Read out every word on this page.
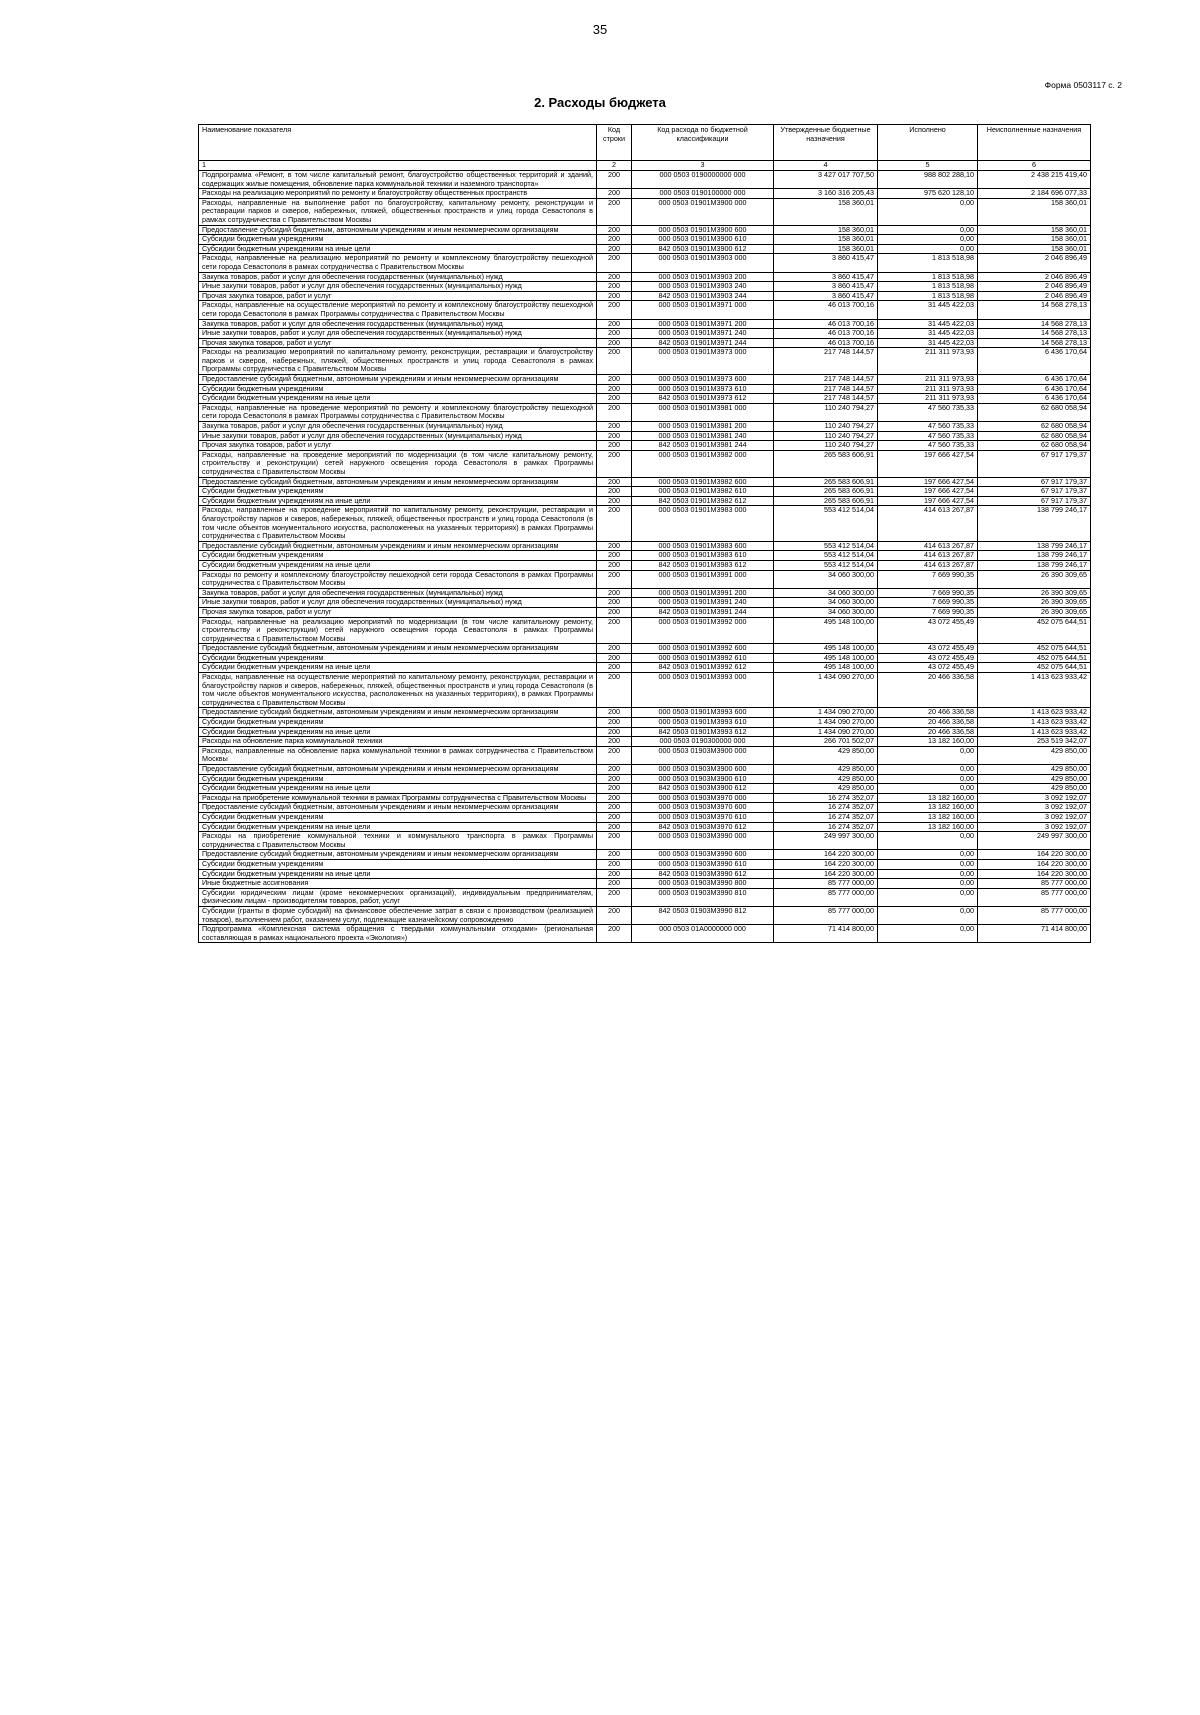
35
Форма 0503117 с. 2
2. Расходы бюджета
Наименование показателя	Код строки	Код расхода по бюджетной классификации	Утвержденные бюджетные назначения	Исполнено	Неисполненные назначения
1	2	3	4	5	6
Подпрограмма «Ремонт, в том числе капитальный ремонт, благоустройство общественных территорий и зданий, содержащих жилые помещения, обновление парка коммунальной техники и наземного транспорта»	200	000 0503 0190000000 000	3 427 017 707,50	988 802 288,10	2 438 215 419,40
Расходы на реализацию мероприятий по ремонту и благоустройству общественных пространств	200	000 0503 0190100000 000	3 160 316 205,43	975 620 128,10	2 184 696 077,33
Расходы, направленные на выполнение работ по благоустройству, капитальному ремонту, реконструкции и реставрации парков и скверов, набережных, пляжей, общественных пространств и улиц города Севастополя в рамках сотрудничества с Правительством Москвы	200	000 0503 01901М3900 000	158 360,01	0,00	158 360,01
Предоставление субсидий бюджетным, автономным учреждениям и иным некоммерческим организациям	200	000 0503 01901М3900 600	158 360,01	0,00	158 360,01
Субсидии бюджетным учреждениям	200	000 0503 01901М3900 610	158 360,01	0,00	158 360,01
Субсидии бюджетным учреждениям на иные цели	200	842 0503 01901М3900 612	158 360,01	0,00	158 360,01
Расходы, направленные на реализацию мероприятий по ремонту и комплексному благоустройству пешеходной сети города Севастополя в рамках сотрудничества с Правительством Москвы	200	000 0503 01901М3903 000	3 860 415,47	1 813 518,98	2 046 896,49
Закупка товаров, работ и услуг для обеспечения государственных (муниципальных) нужд	200	000 0503 01901М3903 200	3 860 415,47	1 813 518,98	2 046 896,49
Иные закупки товаров, работ и услуг для обеспечения государственных (муниципальных) нужд	200	000 0503 01901М3903 240	3 860 415,47	1 813 518,98	2 046 896,49
Прочая закупка товаров, работ и услуг	200	842 0503 01901М3903 244	3 860 415,47	1 813 518,98	2 046 896,49
Расходы, направленные на осуществление мероприятий по ремонту и комплексному благоустройству пешеходной сети города Севастополя в рамках Программы сотрудничества с Правительством Москвы	200	000 0503 01901М3971 000	46 013 700,16	31 445 422,03	14 568 278,13
Закупка товаров, работ и услуг для обеспечения государственных (муниципальных) нужд	200	000 0503 01901М3971 200	46 013 700,16	31 445 422,03	14 568 278,13
Иные закупки товаров, работ и услуг для обеспечения государственных (муниципальных) нужд	200	000 0503 01901М3971 240	46 013 700,16	31 445 422,03	14 568 278,13
Прочая закупка товаров, работ и услуг	200	842 0503 01901М3971 244	46 013 700,16	31 445 422,03	14 568 278,13
Расходы на реализацию мероприятий по капитальному ремонту, реконструкции, реставрации и благоустройству парков и скверов, набережных, пляжей, общественных пространств и улиц города Севастополя в рамках Программы сотрудничества с Правительством Москвы	200	000 0503 01901М3973 000	217 748 144,57	211 311 973,93	6 436 170,64
Предоставление субсидий бюджетным, автономным учреждениям и иным некоммерческим организациям	200	000 0503 01901М3973 600	217 748 144,57	211 311 973,93	6 436 170,64
Субсидии бюджетным учреждениям	200	000 0503 01901М3973 610	217 748 144,57	211 311 973,93	6 436 170,64
Субсидии бюджетным учреждениям на иные цели	200	842 0503 01901М3973 612	217 748 144,57	211 311 973,93	6 436 170,64
Расходы, направленные на проведение мероприятий по ремонту и комплексному благоустройству пешеходной сети города Севастополя в рамках Программы сотрудничества с Правительством Москвы	200	000 0503 01901М3981 000	110 240 794,27	47 560 735,33	62 680 058,94
Закупка товаров, работ и услуг для обеспечения государственных (муниципальных) нужд	200	000 0503 01901М3981 200	110 240 794,27	47 560 735,33	62 680 058,94
Иные закупки товаров, работ и услуг для обеспечения государственных (муниципальных) нужд	200	000 0503 01901М3981 240	110 240 794,27	47 560 735,33	62 680 058,94
Прочая закупка товаров, работ и услуг	200	842 0503 01901М3981 244	110 240 794,27	47 560 735,33	62 680 058,94
Расходы, направленные на проведение мероприятий по модернизации (в том числе капитальному ремонту, строительству и реконструкции) сетей наружного освещения города Севастополя в рамках Программы сотрудничества с Правительством Москвы	200	000 0503 01901М3982 000	265 583 606,91	197 666 427,54	67 917 179,37
Предоставление субсидий бюджетным, автономным учреждениям и иным некоммерческим организациям	200	000 0503 01901М3982 600	265 583 606,91	197 666 427,54	67 917 179,37
Субсидии бюджетным учреждениям	200	000 0503 01901М3982 610	265 583 606,91	197 666 427,54	67 917 179,37
Субсидии бюджетным учреждениям на иные цели	200	842 0503 01901М3982 612	265 583 606,91	197 666 427,54	67 917 179,37
Расходы, направленные на проведение мероприятий по капитальному ремонту, реконструкции, реставрации и благоустройству парков и скверов, набережных, пляжей, общественных пространств и улиц города Севастополя (в том числе объектов монументального искусства, расположенных на указанных территориях) в рамках Программы сотрудничества с Правительством Москвы	200	000 0503 01901М3983 000	553 412 514,04	414 613 267,87	138 799 246,17
Предоставление субсидий бюджетным, автономным учреждениям и иным некоммерческим организациям	200	000 0503 01901М3983 600	553 412 514,04	414 613 267,87	138 799 246,17
Субсидии бюджетным учреждениям	200	000 0503 01901М3983 610	553 412 514,04	414 613 267,87	138 799 246,17
Субсидии бюджетным учреждениям на иные цели	200	842 0503 01901М3983 612	553 412 514,04	414 613 267,87	138 799 246,17
Расходы по ремонту и комплексному благоустройству пешеходной сети города Севастополя в рамках Программы сотрудничества с Правительством Москвы	200	000 0503 01901М3991 000	34 060 300,00	7 669 990,35	26 390 309,65
Закупка товаров, работ и услуг для обеспечения государственных (муниципальных) нужд	200	000 0503 01901М3991 200	34 060 300,00	7 669 990,35	26 390 309,65
Иные закупки товаров, работ и услуг для обеспечения государственных (муниципальных) нужд	200	000 0503 01901М3991 240	34 060 300,00	7 669 990,35	26 390 309,65
Прочая закупка товаров, работ и услуг	200	842 0503 01901М3991 244	34 060 300,00	7 669 990,35	26 390 309,65
Расходы, направленные на реализацию мероприятий по модернизации (в том числе капитальному ремонту, строительству и реконструкции) сетей наружного освещения города Севастополя в рамках Программы сотрудничества с Правительством Москвы	200	000 0503 01901М3992 000	495 148 100,00	43 072 455,49	452 075 644,51
Предоставление субсидий бюджетным, автономным учреждениям и иным некоммерческим организациям	200	000 0503 01901М3992 600	495 148 100,00	43 072 455,49	452 075 644,51
Субсидии бюджетным учреждениям	200	000 0503 01901М3992 610	495 148 100,00	43 072 455,49	452 075 644,51
Субсидии бюджетным учреждениям на иные цели	200	842 0503 01901М3992 612	495 148 100,00	43 072 455,49	452 075 644,51
Расходы, направленные на осуществление мероприятий по капитальному ремонту, реконструкции, реставрации и благоустройству парков и скверов, набережных, пляжей, общественных пространств и улиц города Севастополя (в том числе объектов монументального искусства, расположенных на указанных территориях), в рамках Программы сотрудничества с Правительством Москвы	200	000 0503 01901М3993 000	1 434 090 270,00	20 466 336,58	1 413 623 933,42
Предоставление субсидий бюджетным, автономным учреждениям и иным некоммерческим организациям	200	000 0503 01901М3993 600	1 434 090 270,00	20 466 336,58	1 413 623 933,42
Субсидии бюджетным учреждениям	200	000 0503 01901М3993 610	1 434 090 270,00	20 466 336,58	1 413 623 933,42
Субсидии бюджетным учреждениям на иные цели	200	842 0503 01901М3993 612	1 434 090 270,00	20 466 336,58	1 413 623 933,42
Расходы на обновление парка коммунальной техники	200	000 0503 0190300000 000	266 701 502,07	13 182 160,00	253 519 342,07
Расходы, направленные на обновление парка коммунальной техники в рамках сотрудничества с Правительством Москвы	200	000 0503 01903М3900 000	429 850,00	0,00	429 850,00
Предоставление субсидий бюджетным, автономным учреждениям и иным некоммерческим организациям	200	000 0503 01903М3900 600	429 850,00	0,00	429 850,00
Субсидии бюджетным учреждениям	200	000 0503 01903М3900 610	429 850,00	0,00	429 850,00
Субсидии бюджетным учреждениям на иные цели	200	842 0503 01903М3900 612	429 850,00	0,00	429 850,00
Расходы на приобретение коммунальной техники в рамках Программы сотрудничества с Правительством Москвы	200	000 0503 01903М3970 000	16 274 352,07	13 182 160,00	3 092 192,07
Предоставление субсидий бюджетным, автономным учреждениям и иным некоммерческим организациям	200	000 0503 01903М3970 600	16 274 352,07	13 182 160,00	3 092 192,07
Субсидии бюджетным учреждениям	200	000 0503 01903М3970 610	16 274 352,07	13 182 160,00	3 092 192,07
Субсидии бюджетным учреждениям на иные цели	200	842 0503 01903М3970 612	16 274 352,07	13 182 160,00	3 092 192,07
Расходы на приобретение коммунальной техники и коммунального транспорта в рамках Программы сотрудничества с Правительством Москвы	200	000 0503 01903М3990 000	249 997 300,00	0,00	249 997 300,00
Предоставление субсидий бюджетным, автономным учреждениям и иным некоммерческим организациям	200	000 0503 01903М3990 600	164 220 300,00	0,00	164 220 300,00
Субсидии бюджетным учреждениям	200	000 0503 01903М3990 610	164 220 300,00	0,00	164 220 300,00
Субсидии бюджетным учреждениям на иные цели	200	842 0503 01903М3990 612	164 220 300,00	0,00	164 220 300,00
Иные бюджетные ассигнования	200	000 0503 01903М3990 800	85 777 000,00	0,00	85 777 000,00
Субсидии юридическим лицам (кроме некоммерческих организаций), индивидуальным предпринимателям, физическим лицам - производителям товаров, работ, услуг	200	000 0503 01903М3990 810	85 777 000,00	0,00	85 777 000,00
Субсидии (гранты в форме субсидий) на финансовое обеспечение затрат в связи с производством (реализацией товаров), выполнением работ, оказанием услуг, подлежащие казначейскому сопровождению	200	842 0503 01903М3990 812	85 777 000,00	0,00	85 777 000,00
Подпрограмма «Комплексная система обращения с твердыми коммунальными отходами» (региональная составляющая в рамках национального проекта «Экология»)	200	000 0503 01А0000000 000	71 414 800,00	0,00	71 414 800,00
